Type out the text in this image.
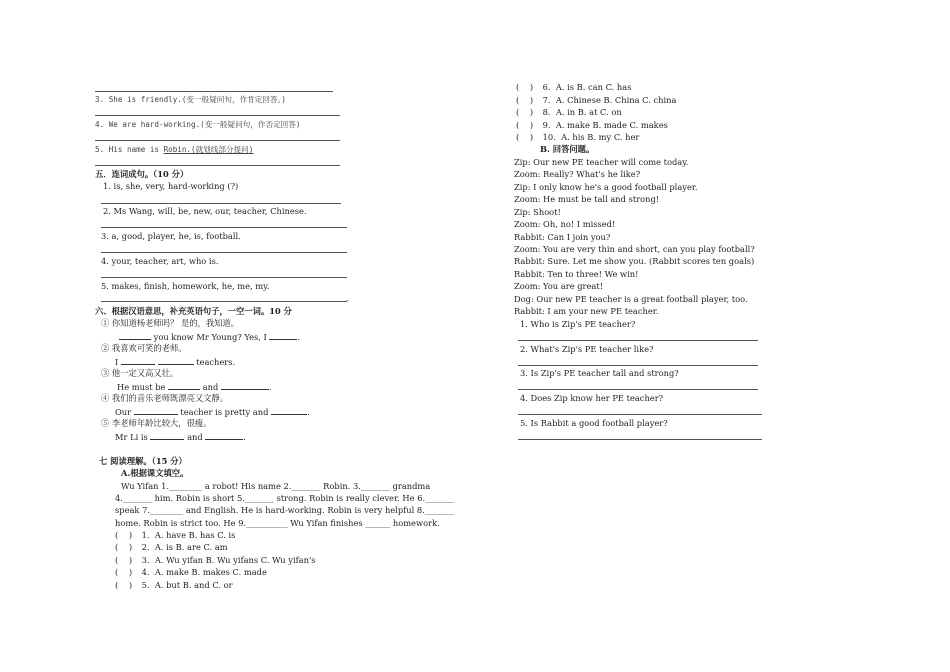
3. She is friendly.(变一般疑问句，作肯定回答。)
4. We are hard-working.(变一般疑问句，作否定回答)
5. His name is Robin.(就划线部分提问)
五．连词成句。（10 分）
1. is, she, very, hard-working (?)
2. Ms Wang, will, be, new, our, teacher, Chinese.
3. a, good, player, he, is, football.
4. your, teacher, art, who is.
5. makes, finish, homework, he, me, my.
.
六、根据汉语意思，补充英语句子，一空一词。10 分
① 你知道杨老师吗？ 是的，我知道。
you know Mr Young? Yes, I	.
② 我喜欢可笑的老师。
I	teachers.
③ 他一定又高又壮。
He must be	and	.
④ 我们的音乐老师既漂亮又文静。
Our	teacher is pretty and	.
⑤ 李老师年龄比较大，很瘦。
Mr Li is	and	.
七 阅读理解。（15 分）
A.根据课文填空。
Wu Yifan 1.________ a robot! His name 2._______ Robin. 3._______ grandma
4._______ him. Robin is short 5._______ strong. Robin is really clever. He 6._______
speak 7.________ and English. He is hard-working. Robin is very helpful 8._______
home. Robin is strict too. He 9.__________ Wu Yifan finishes ______ homework.
( ) 1. A. have B. has C. is
( ) 2. A. is B. are C. am
( ) 3. A. Wu yifan B. Wu yifans C. Wu yifan's
( ) 4. A. make B. makes C. made
( ) 5. A. but B. and C. or
( ) 6. A. is B. can C. has
( ) 7. A. Chinese B. China C. china
( ) 8. A. in B. at C. on
( ) 9. A. make B. made C. makes
( ) 10. A. his B. my C. her
B. 回答问题。
Zip: Our new PE teacher will come today.
Zoom: Really? What's he like?
Zip: I only know he's a good football player.
Zoom: He must be tall and strong!
Zip: Shoot!
Zoom: Oh, no! I missed!
Rabbit: Can I join you?
Zoom: You are very thin and short, can you play football?
Rabbit: Sure. Let me show you. (Rabbit scores ten goals)
Rabbit: Ten to three! We win!
Zoom: You are great!
Dog: Our new PE teacher is a great football player, too.
Rabbit: I am your new PE teacher.
1. Who is Zip's PE teacher?
2. What's Zip's PE teacher like?
3. Is Zip's PE teacher tall and strong?
4. Does Zip know her PE teacher?
5. Is Rabbit a good football player?
